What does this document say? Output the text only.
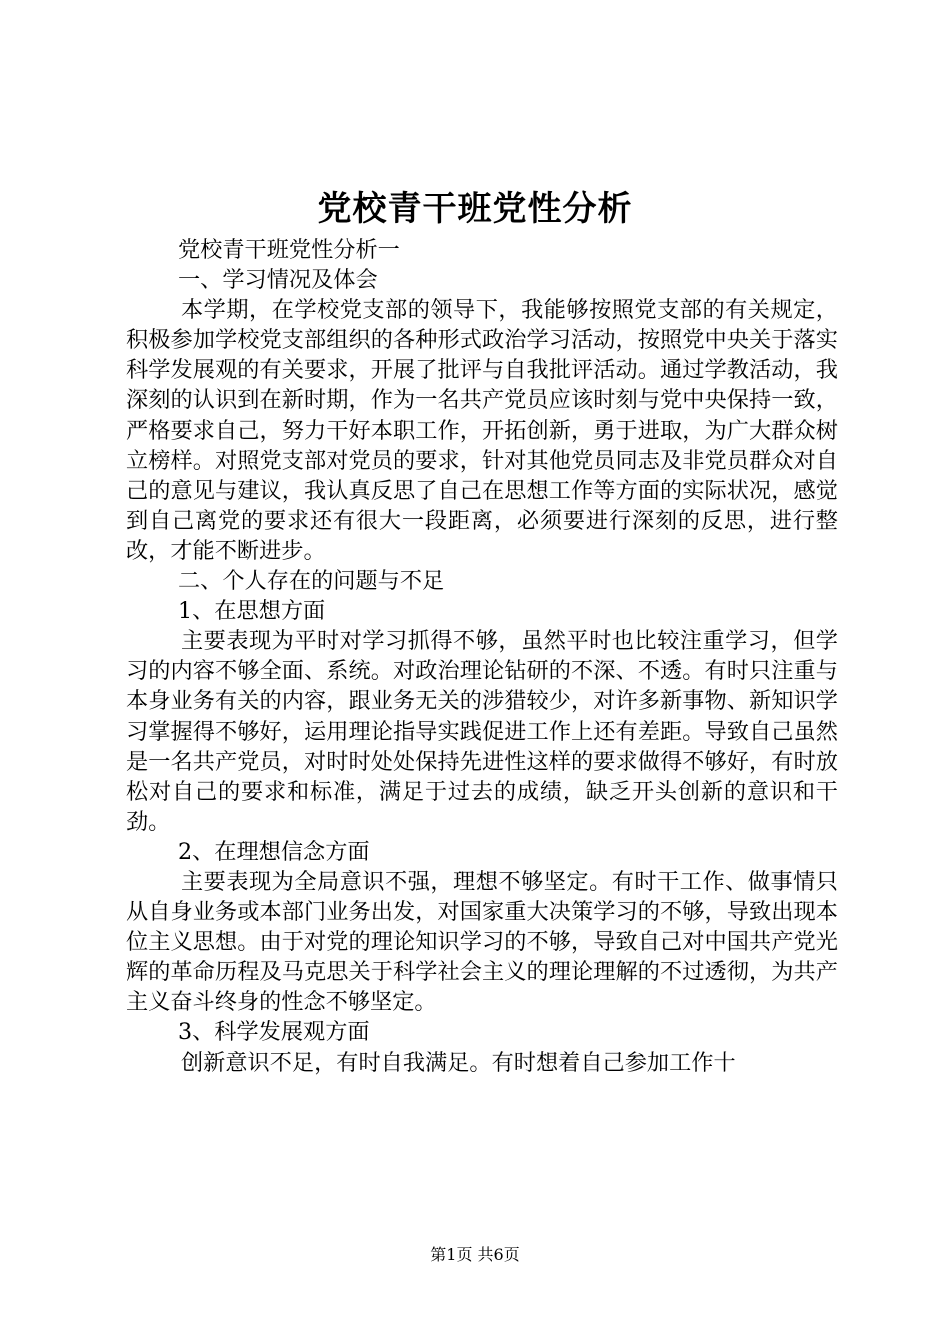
党校青干班党性分析

党校青干班党性分析一

一、学习情况及体会

本学期，在学校党支部的领导下，我能够按照党支部的有关规定，积极参加学校党支部组织的各种形式政治学习活动，按照党中央关于落实科学发展观的有关要求，开展了批评与自我批评活动。通过学教活动，我深刻的认识到在新时期，作为一名共产党员应该时刻与党中央保持一致，严格要求自己，努力干好本职工作，开拓创新，勇于进取，为广大群众树立榜样。对照党支部对党员的要求，针对其他党员同志及非党员群众对自己的意见与建议，我认真反思了自己在思想工作等方面的实际状况，感觉到自己离党的要求还有很大一段距离，必须要进行深刻的反思，进行整改，才能不断进步。

二、个人存在的问题与不足

1、在思想方面

主要表现为平时对学习抓得不够，虽然平时也比较注重学习，但学习的内容不够全面、系统。对政治理论钻研的不深、不透。有时只注重与本身业务有关的内容，跟业务无关的涉猎较少，对许多新事物、新知识学习掌握得不够好，运用理论指导实践促进工作上还有差距。导致自己虽然是一名共产党员，对时时处处保持先进性这样的要求做得不够好，有时放松对自己的要求和标准，满足于过去的成绩，缺乏开头创新的意识和干劲。

2、在理想信念方面

主要表现为全局意识不强，理想不够坚定。有时干工作、做事情只从自身业务或本部门业务出发，对国家重大决策学习的不够，导致出现本位主义思想。由于对党的理论知识学习的不够，导致自己对中国共产党光辉的革命历程及马克思关于科学社会主义的理论理解的不过透彻，为共产主义奋斗终身的性念不够坚定。

3、科学发展观方面

创新意识不足，有时自我满足。有时想着自己参加工作十

第1页 共6页
